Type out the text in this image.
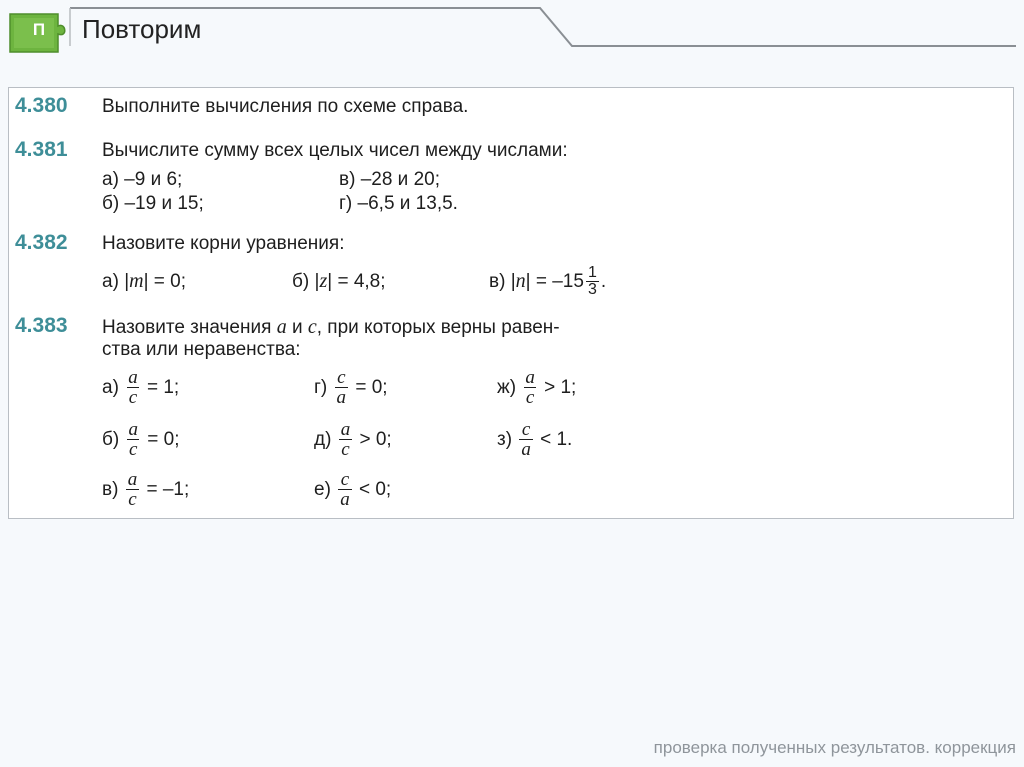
П Повторим
4.380 Выполните вычисления по схеме справа.
4.381 Вычислите сумму всех целых чисел между числами:
а) –9 и 6;	в) –28 и 20;
б) –19 и 15;	г) –6,5 и 13,5.
4.382 Назовите корни уравнения:
а) |m| = 0;	б) |z| = 4,8;	в) $|n| = -15 \frac{1}{3}$ .
4.383 Назовите значения a и c, при которых верны равен-
ства или неравенства:
$а) \frac{a}{c} = 1$;	$г) \frac{c}{a} = 0$;	$ж) \frac{a}{c} > 1$;
$б) \frac{a}{c} = 0$;	$д) \frac{a}{c} > 0$;	$з) \frac{c}{a} < 1$.
$в) \frac{a}{c} = -1$;	$е) \frac{c}{a} < 0$;
проверка полученных результатов. коррекция
